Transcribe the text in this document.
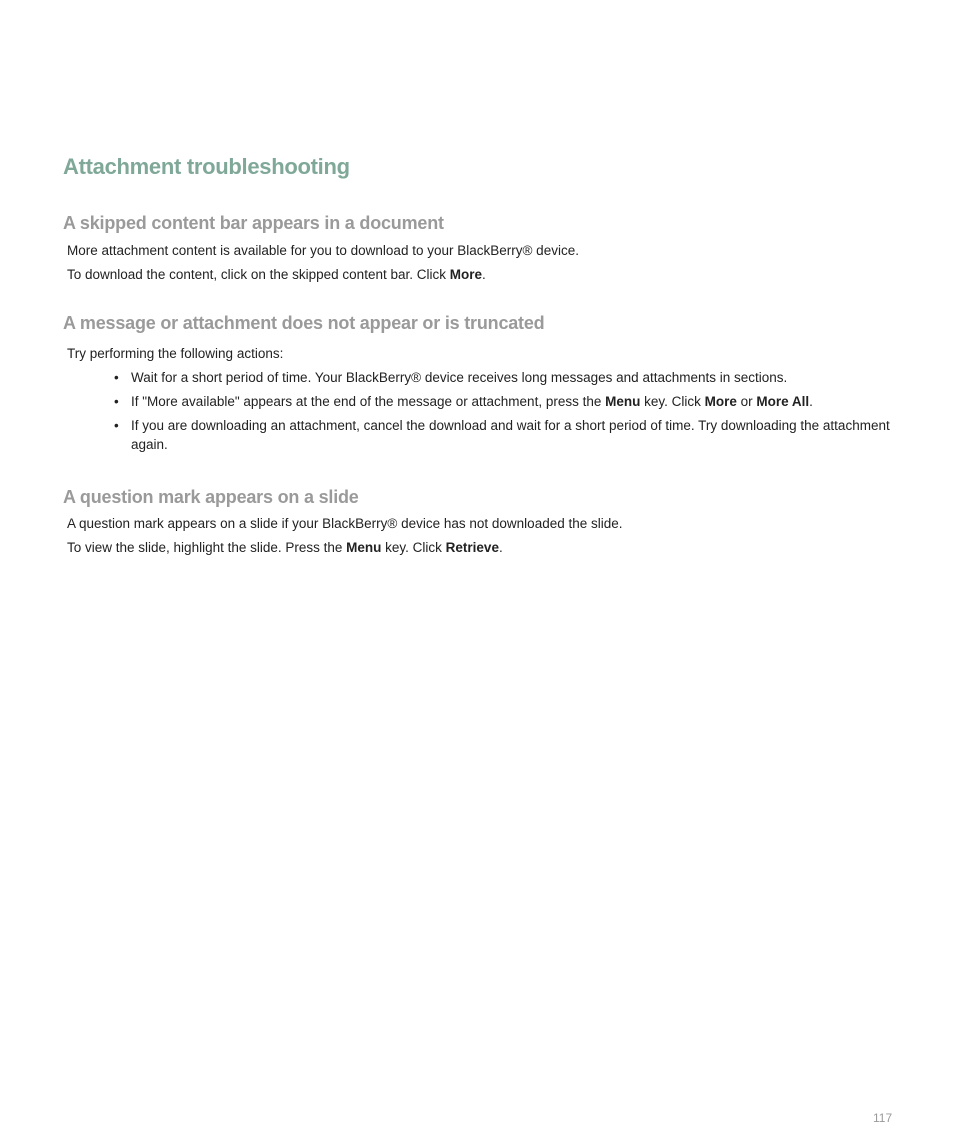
Attachment troubleshooting
A skipped content bar appears in a document

More attachment content is available for you to download to your BlackBerry® device.

To download the content, click on the skipped content bar. Click More.

A message or attachment does not appear or is truncated

Try performing the following actions:

• Wait for a short period of time. Your BlackBerry® device receives long messages and attachments in sections.
• If "More available" appears at the end of the message or attachment, press the Menu key. Click More or More All.
• If you are downloading an attachment, cancel the download and wait for a short period of time. Try downloading the attachment again.
A question mark appears on a slide

A question mark appears on a slide if your BlackBerry® device has not downloaded the slide.

To view the slide, highlight the slide. Press the Menu key. Click Retrieve.

117
